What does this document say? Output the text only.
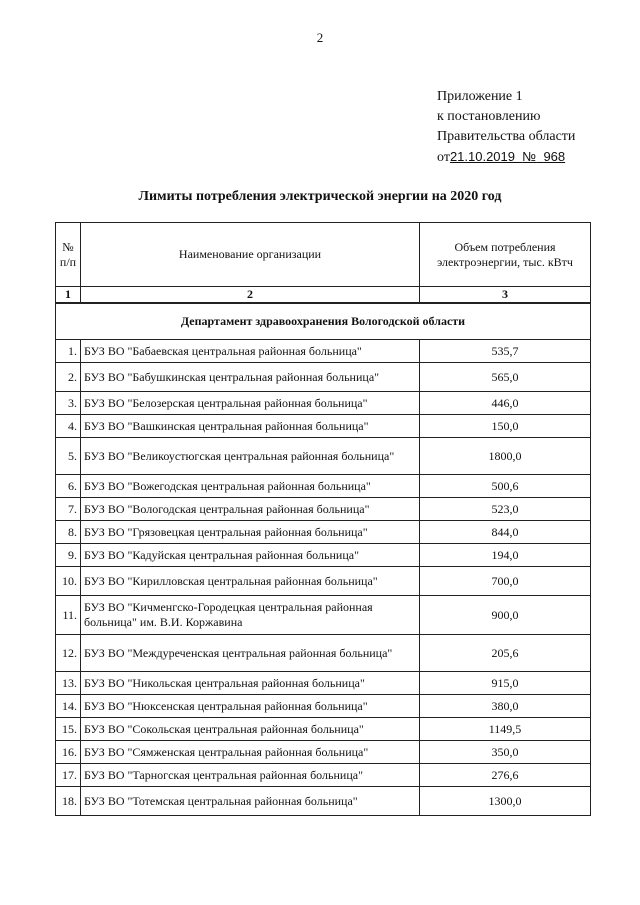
2
Приложение 1
к постановлению
Правительства области
от21.10.2019 № 968
Лимиты потребления электрической энергии на 2020 год
№ п/п	Наименование организации	Объем потребления электроэнергии, тыс. кВтч
1	2	3
Департамент здравоохранения Вологодской области		
1.	БУЗ ВО "Бабаевская центральная районная больница"	535,7
2.	БУЗ ВО "Бабушкинская центральная районная больница"	565,0
3.	БУЗ ВО "Белозерская центральная районная больница"	446,0
4.	БУЗ ВО "Вашкинская центральная районная больница"	150,0
5.	БУЗ ВО "Великоустюгская центральная районная больница"	1800,0
6.	БУЗ ВО "Вожегодская центральная районная больница"	500,6
7.	БУЗ ВО "Вологодская центральная районная больница"	523,0
8.	БУЗ ВО "Грязовецкая центральная районная больница"	844,0
9.	БУЗ ВО "Кадуйская центральная районная больница"	194,0
10.	БУЗ ВО "Кирилловская центральная районная больница"	700,0
11.	БУЗ ВО "Кичменгско-Городецкая центральная районная больница" им. В.И. Коржавина	900,0
12.	БУЗ ВО "Междуреченская центральная районная больница"	205,6
13.	БУЗ ВО "Никольская центральная районная больница"	915,0
14.	БУЗ ВО "Нюксенская центральная районная больница"	380,0
15.	БУЗ ВО "Сокольская центральная районная больница"	1149,5
16.	БУЗ ВО "Сямженская центральная районная больница"	350,0
17.	БУЗ ВО "Тарногская центральная районная больница"	276,6
18.	БУЗ ВО "Тотемская центральная районная больница"	1300,0
